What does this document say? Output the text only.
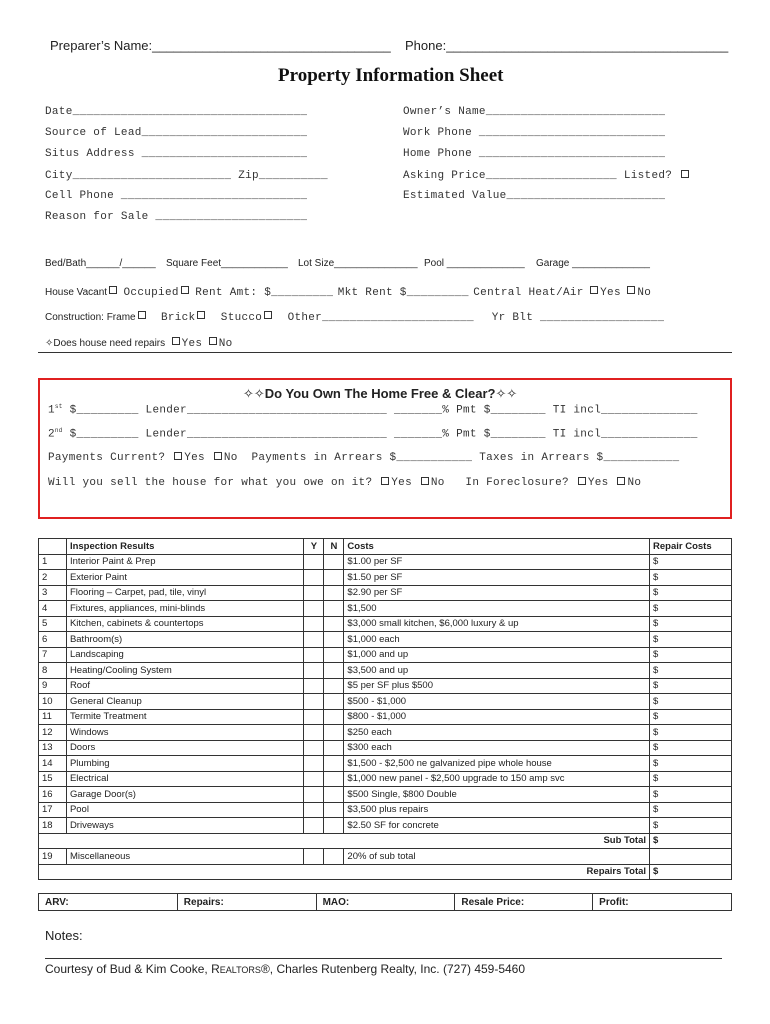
Preparer’s Name:_________________________________ Phone:_______________________________________
Property Information Sheet
Date__________________________________
Source of Lead________________________
Situs Address ________________________
City_______________________ Zip__________
Cell Phone ___________________________
Reason for Sale ______________________
Owner’s Name__________________________
Work Phone ___________________________
Home Phone ___________________________
Asking Price___________________ Listed?
Estimated Value_______________________
Bed/Bath______/______ Square Feet____________ Lot Size_______________ Pool ______________ Garage ______________
House Vacant Occupied Rent Amt: $_________ Mkt Rent $_________ Central Heat/Air Yes No
Construction: Frame Brick Stucco Other______________________ Yr Blt __________________
✧Does house need repairs Yes No
✧✧Do You Own The Home Free & Clear?✧✧
1st $_________ Lender_____________________________ _______% Pmt $________ TI incl______________
2nd $_________ Lender_____________________________ _______% Pmt $________ TI incl______________
Payments Current? Yes No Payments in Arrears $___________ Taxes in Arrears $___________
Will you sell the house for what you owe on it? Yes No In Foreclosure? Yes No
	Inspection Results	Y	N	Costs	Repair Costs
1	Interior Paint & Prep			$1.00 per SF	$
2	Exterior Paint			$1.50 per SF	$
3	Flooring – Carpet, pad, tile, vinyl			$2.90 per SF	$
4	Fixtures, appliances, mini-blinds			$1,500	$
5	Kitchen, cabinets & countertops			$3,000 small kitchen, $6,000 luxury & up	$
6	Bathroom(s)			$1,000 each	$
7	Landscaping			$1,000 and up	$
8	Heating/Cooling System			$3,500 and up	$
9	Roof			$5 per SF plus $500	$
10	General Cleanup			$500 - $1,000	$
11	Termite Treatment			$800 - $1,000	$
12	Windows			$250 each	$
13	Doors			$300 each	$
14	Plumbing			$1,500 - $2,500 ne galvanized pipe whole house	$
15	Electrical			$1,000 new panel - $2,500 upgrade to 150 amp svc	$
16	Garage Door(s)			$500 Single, $800 Double	$
17	Pool			$3,500 plus repairs	$
18	Driveways			$2.50 SF for concrete	$
Sub Total					$
19	Miscellaneous			20% of sub total	
Repairs Total					$
ARV:	Repairs:	MAO:	Resale Price:	Profit:
Notes:
Courtesy of Bud & Kim Cooke, REALTORS®, Charles Rutenberg Realty, Inc. (727) 459-5460
